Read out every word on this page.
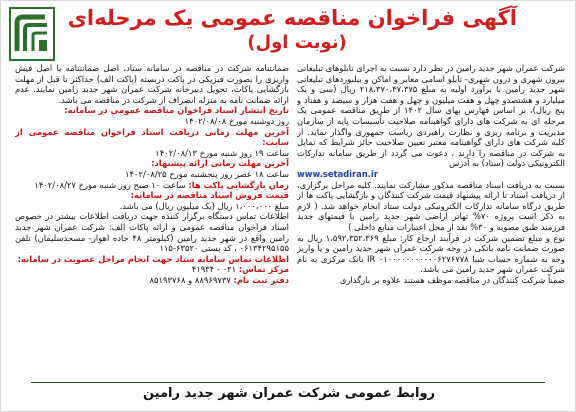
آگهی فراخوان مناقصه عمومی یک مرحله‌ای
(نوبت اول)

شرکت عمران شهر جدید رامین در نظر دارد نسبت به اجرای تابلوهای تبلیغاتی بیرون شهری و درون شهری- تابلو اسامی معابر و اماکن و بیلبوردهای تبلیغاتی شهر جدید رامین با برآورد اولیه به مبلغ ۲۱۸،۳۷۰،۴۷،۳۷۵ ریال (سی و یک میلیارد و هشتصدو چهل و هفت میلیون و چهل و هفت هزار و سیصد و هفتاد و پنج ریال)، بر اساس فهارس بهای سال ۱۴۰۲ از طریق مناقصه عمومی یک مرحله ای به شرکت های دارای گواهینامه صلاحیت تأسیسات پایه از سازمان مدیریت و برنامه ریزی و نظارت راهبردی ریاست جمهوری واگذار نماید. از کلیه شرکت های دارای گواهینامه معتبر تعیین صلاحیت حائز شرایط که تمایل به شرکت در مناقصه را دارند ، دعوت می گردد از طریق سامانه تدارکات الکترونیکی دولت (ستاد) به آدرس

www.setadiran.ir

نسبت به دریافت اسناد مناقصه مذکور مشارکت نمایند. کلیه مراحل برگزاری، از دریافت اسناد تا ارائه پیشنهاد قیمت شرکت کنندگان و بازگشایی پاکت ها از طریق درگاه سامانه تدارکات الکترونیکی دولت ستاد انجام خواهد شد. ( لازم به ذکر است پروژه ۷۰% تهاتر اراضی شهر جدید رامین با قیمتهای جدید فرزمند طبق مصوبه و ۳۰% نقد از محل اعتبارات منابع داخلی )

نوع و مبلغ تضمین شرکت در فرآیند ارجاع کار: مبلغ ۱،۵۹۲،۳۵۲،۳۶۹ ریال به صورت ضمانت نامه بانکی در وجه شرکت عمران شهر جدید رامین و یا واریز وجه به شماره حساب شبا ۰۱۰۰۰۰۰۰۰۰۰۰۰۶۲۷۶۷۷۸ IR بانک مرکزی به نام شرکت عمران شهر جدید رامین می باشد.

ضمناً شرکت کنندگان در مناقصه موظف هستند علاوه بر بارگذاری

ضمانتنامه شرکت در مناقصه در سامانه ستاد، اصل ضمانتنامه یا اصل فیش واریزی را بصورت فیزیکی در پاکت دربسته (پاکت الف) حداکثر تا قبل از مهلت بازگشایی پاکات، تحویل دبیرخانه شرکت عمران شهر جدید رامین نمایند. عدم ارائه ضمانت نامه به منزله انصراف از شرکت در مناقصه می باشد.

تاریخ انتشار اسناد فراخوان مناقصه عمومی در سامانه:
روز دوشنبه مورخ ۱۴۰۲/۰۸/۰۸
آخرین مهلت زمانی دریافت اسناد فراخوان مناقصه عمومی از سایت:
ساعت ۱۹ روز شنبه مورخ ۱۴۰۲/۰۸/۱۳
آخرین مهلت زمانی ارائه پیشنهاد:
ساعت ۱۸ عصر روز پنجشنبه مورخ ۱۴۰۲/۰۸/۲۵
زمان بازگشایی پاکت ها: ساعت ۱۰ صبح روز شنبه مورخ ۱۴۰۲/۰۸/۲۷
قیمت فروش اسناد مناقصه در سامانه:
مبلغ ۱،۰۰۰،۰۰۰ ریال (یک میلیون ریال) می باشد.

اطلاعات تماس دستگاه برگزار کننده جهت دریافت اطلاعات بیشتر در خصوص اسناد فراخوان مناقصه عمومی و ارائه پاکات الف: شرکت عمران شهر جدید رامین واقع در شهر جدید رامین (کیلومتر ۴۸ جاده اهواز- مسجدسلیمان) تلفن ۰۶۱۳۴۲۹۵۱۵۵ ، کد پستی ۶۳۵۲۰-۱۱۵

اطلاعات تماس سامانه ستاد جهت انجام مراحل عضویت در سامانه:
مرکز تماس: ۴۱۹۳۴ - ۰۲۱
دفتر ثبت نام: ۸۸۹۶۹۷۳۷ و ۸۵۱۹۳۷۶۸
روابط عمومی شرکت عمران شهر جدید رامین
